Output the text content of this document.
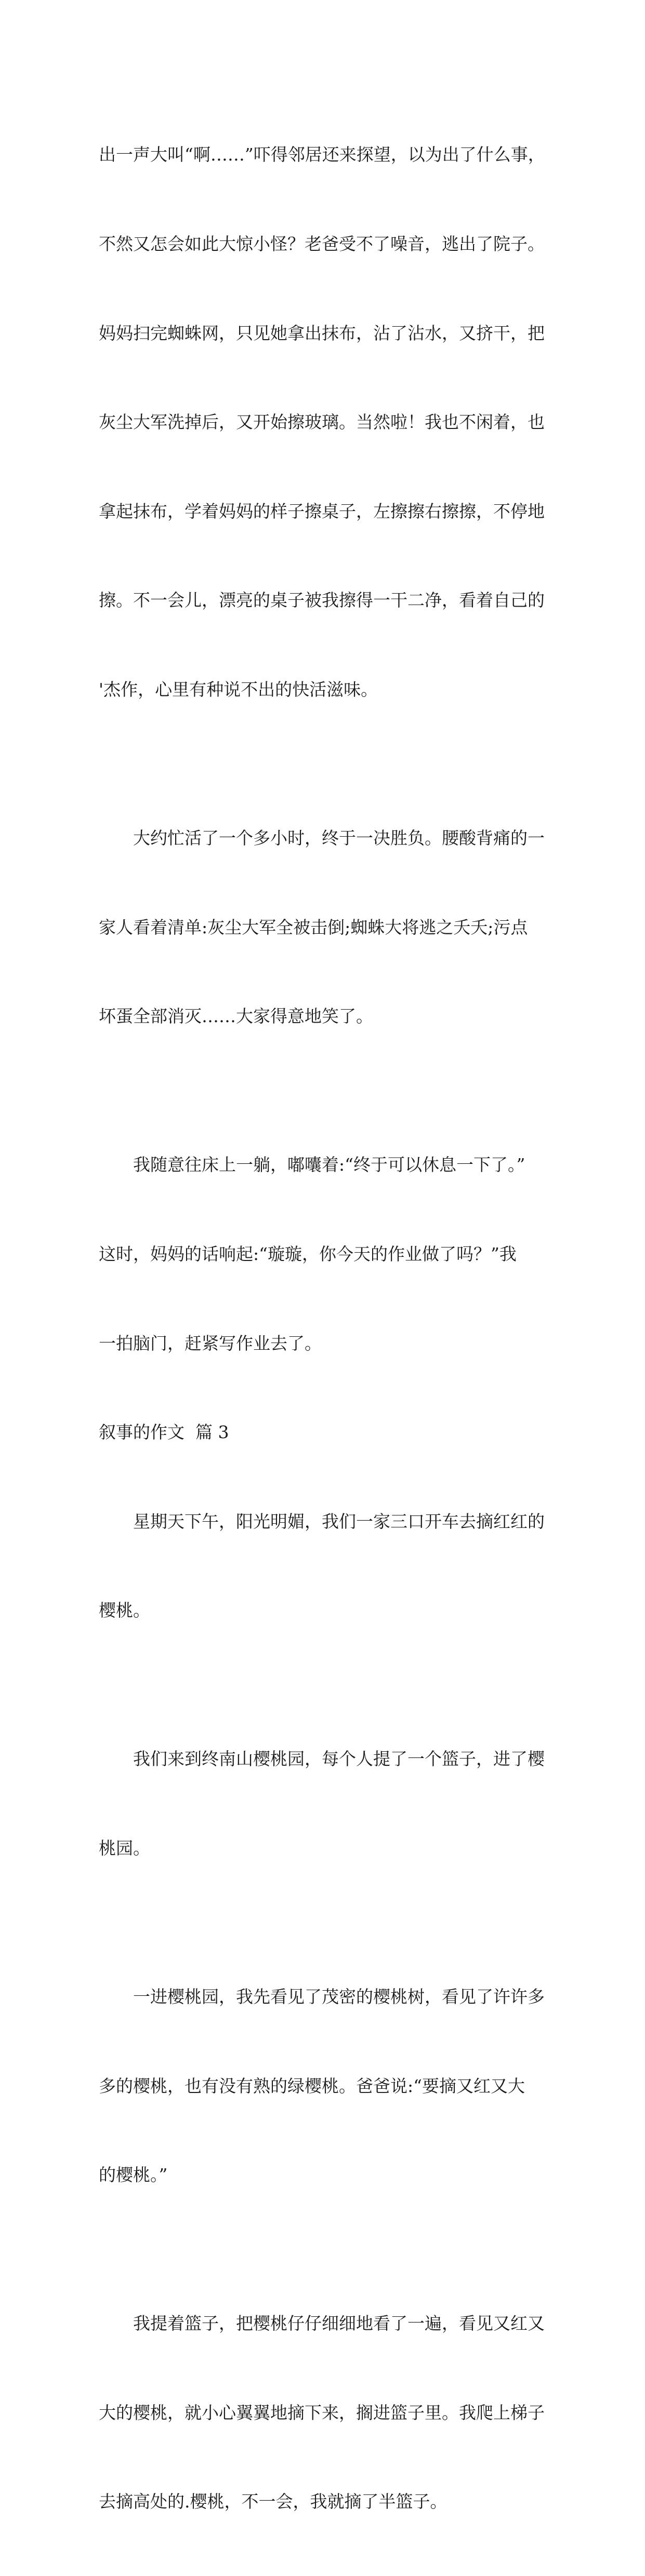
出一声大叫“啊……”吓得邻居还来探望，以为出了什么事，

不然又怎会如此大惊小怪？老爸受不了噪音，逃出了院子。

妈妈扫完蜘蛛网，只见她拿出抹布，沾了沾水，又挤干，把

灰尘大军洗掉后，又开始擦玻璃。当然啦！我也不闲着，也

拿起抹布，学着妈妈的样子擦桌子，左擦擦右擦擦，不停地

擦。不一会儿，漂亮的桌子被我擦得一干二净，看着自己的

'杰作，心里有种说不出的快活滋味。

大约忙活了一个多小时，终于一决胜负。腰酸背痛的一

家人看着清单:灰尘大军全被击倒;蜘蛛大将逃之夭夭;污点

坏蛋全部消灭……大家得意地笑了。

我随意往床上一躺，嘟囔着:“终于可以休息一下了。”

这时，妈妈的话响起:“璇璇，你今天的作业做了吗？”我

一拍脑门，赶紧写作业去了。

叙事的作文  篇 3

星期天下午，阳光明媚，我们一家三口开车去摘红红的

樱桃。

我们来到终南山樱桃园，每个人提了一个篮子，进了樱

桃园。

一进樱桃园，我先看见了茂密的樱桃树，看见了许许多

多的樱桃，也有没有熟的绿樱桃。爸爸说:“要摘又红又大

的樱桃。”

我提着篮子，把樱桃仔仔细细地看了一遍，看见又红又

大的樱桃，就小心翼翼地摘下来，搁进篮子里。我爬上梯子

去摘高处的.樱桃，不一会，我就摘了半篮子。
